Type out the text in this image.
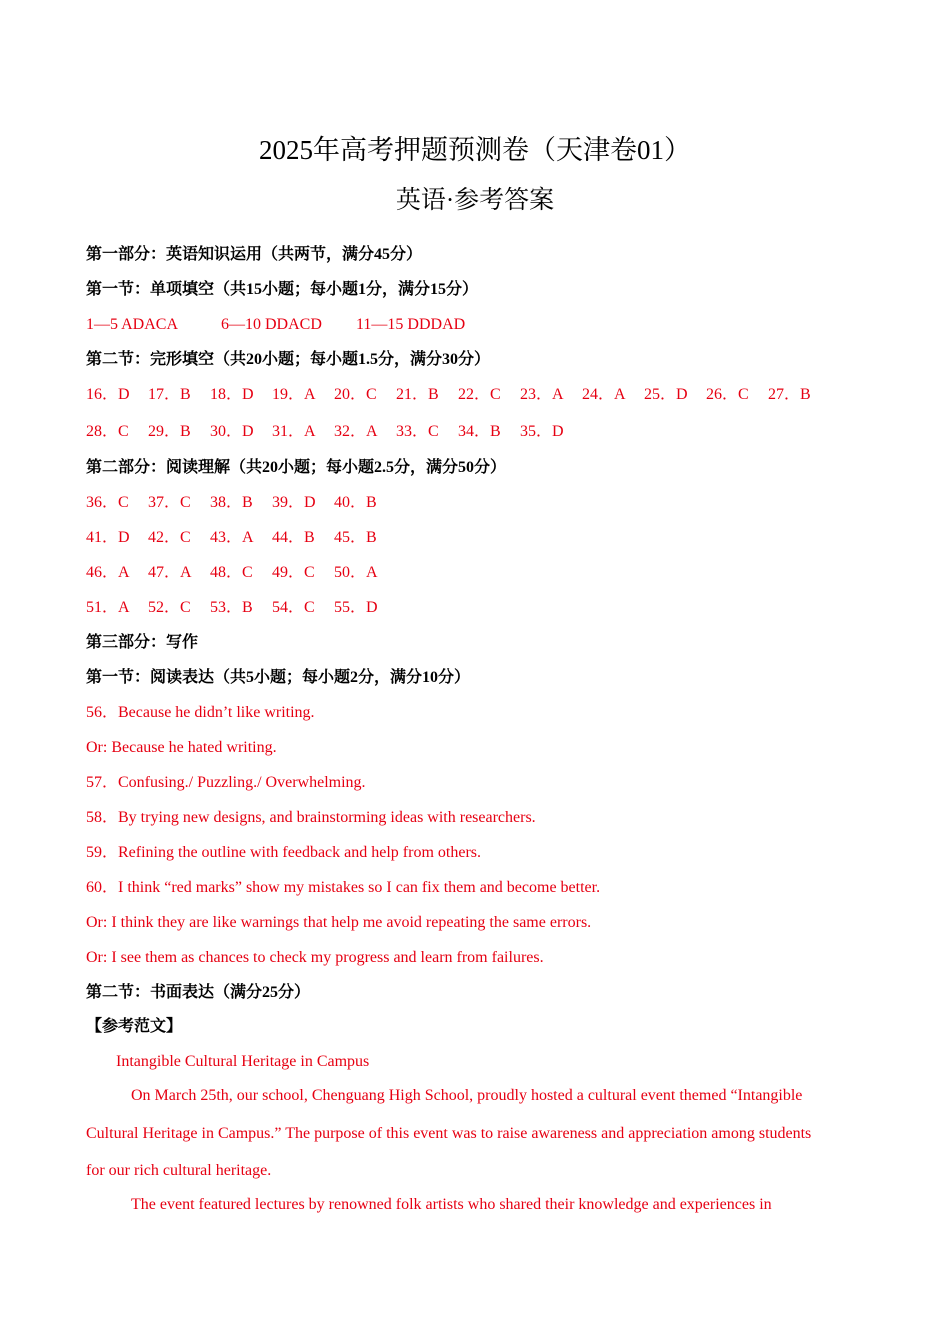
2025年高考押题预测卷（天津卷01）
英语·参考答案
第一部分：英语知识运用（共两节，满分45分）
第一节：单项填空（共15小题；每小题1分，满分15分）
1—5 ADACA	6—10 DDACD 11—15 DDDAD
第二节：完形填空（共20小题；每小题1.5分，满分30分）
16．D 17．B 18．D 19．A 20．C 21．B 22．C 23．A 24．A 25．D 26．C 27．B
28．C 29．B 30．D 31．A 32．A 33．C 34．B 35．D
第二部分：阅读理解（共20小题；每小题2.5分，满分50分）
36．C 37．C 38．B 39．D 40．B
41．D 42．C 43．A 44．B 45．B
46．A 47．A 48．C 49．C 50．A
51．A 52．C 53．B 54．C 55．D
第三部分：写作
第一节：阅读表达（共5小题；每小题2分，满分10分）
56．Because he didn’t like writing.
Or: Because he hated writing.
57．Confusing./ Puzzling./ Overwhelming.
58．By trying new designs, and brainstorming ideas with researchers.
59．Refining the outline with feedback and help from others.
60．I think “red marks” show my mistakes so I can fix them and become better.
Or: I think they are like warnings that help me avoid repeating the same errors.
Or: I see them as chances to check my progress and learn from failures.
第二节：书面表达（满分25分）
【参考范文】
Intangible Cultural Heritage in Campus
On March 25th, our school, Chenguang High School, proudly hosted a cultural event themed “Intangible
Cultural Heritage in Campus.” The purpose of this event was to raise awareness and appreciation among students
for our rich cultural heritage.
The event featured lectures by renowned folk artists who shared their knowledge and experiences in
